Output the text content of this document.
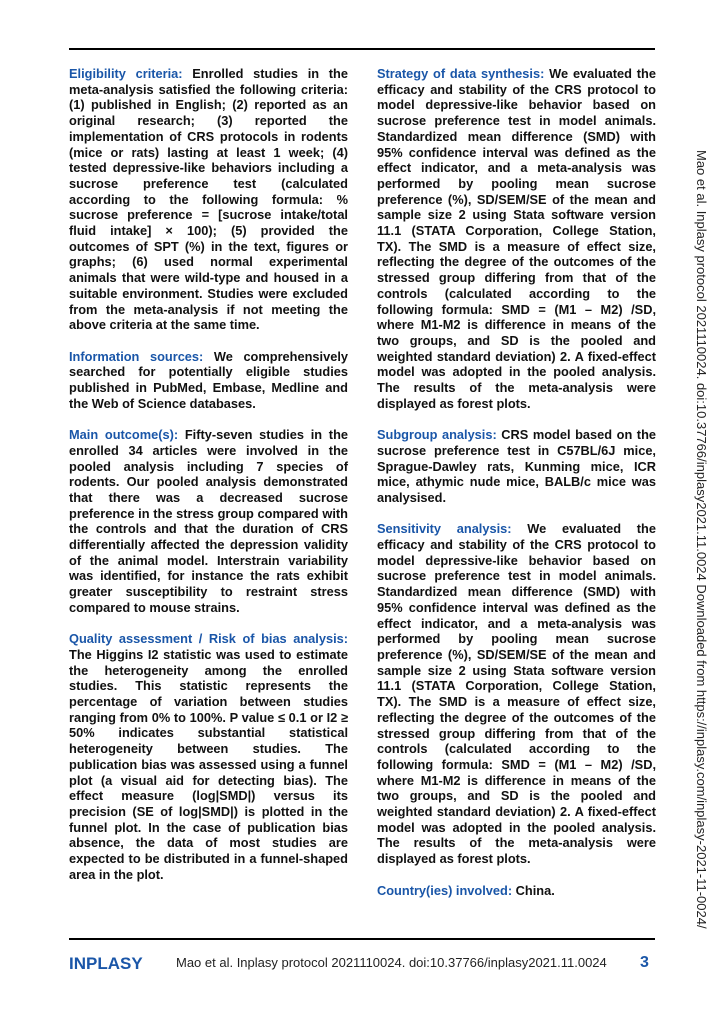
Eligibility criteria: Enrolled studies in the meta-analysis satisfied the following criteria: (1) published in English; (2) reported as an original research; (3) reported the implementation of CRS protocols in rodents (mice or rats) lasting at least 1 week; (4) tested depressive-like behaviors including a sucrose preference test (calculated according to the following formula: % sucrose preference = [sucrose intake/total fluid intake] × 100); (5) provided the outcomes of SPT (%) in the text, figures or graphs; (6) used normal experimental animals that were wild-type and housed in a suitable environment. Studies were excluded from the meta-analysis if not meeting the above criteria at the same time.

Information sources: We comprehensively searched for potentially eligible studies published in PubMed, Embase, Medline and the Web of Science databases.

Main outcome(s): Fifty-seven studies in the enrolled 34 articles were involved in the pooled analysis including 7 species of rodents. Our pooled analysis demonstrated that there was a decreased sucrose preference in the stress group compared with the controls and that the duration of CRS differentially affected the depression validity of the animal model. Interstrain variability was identified, for instance the rats exhibit greater susceptibility to restraint stress compared to mouse strains.

Quality assessment / Risk of bias analysis: The Higgins I2 statistic was used to estimate the heterogeneity among the enrolled studies. This statistic represents the percentage of variation between studies ranging from 0% to 100%. P value ≤ 0.1 or I2 ≥ 50% indicates substantial statistical heterogeneity between studies. The publication bias was assessed using a funnel plot (a visual aid for detecting bias). The effect measure (log|SMD|) versus its precision (SE of log|SMD|) is plotted in the funnel plot. In the case of publication bias absence, the data of most studies are expected to be distributed in a funnel-shaped area in the plot.

Strategy of data synthesis: We evaluated the efficacy and stability of the CRS protocol to model depressive-like behavior based on sucrose preference test in model animals. Standardized mean difference (SMD) with 95% confidence interval was defined as the effect indicator, and a meta-analysis was performed by pooling mean sucrose preference (%), SD/SEM/SE of the mean and sample size 2 using Stata software version 11.1 (STATA Corporation, College Station, TX). The SMD is a measure of effect size, reflecting the degree of the outcomes of the stressed group differing from that of the controls (calculated according to the following formula: SMD = (M1 – M2) /SD, where M1-M2 is difference in means of the two groups, and SD is the pooled and weighted standard deviation) 2. A fixed-effect model was adopted in the pooled analysis. The results of the meta-analysis were displayed as forest plots.

Subgroup analysis: CRS model based on the sucrose preference test in C57BL/6J mice, Sprague-Dawley rats, Kunming mice, ICR mice, athymic nude mice, BALB/c mice was analysised.

Sensitivity analysis: We evaluated the efficacy and stability of the CRS protocol to model depressive-like behavior based on sucrose preference test in model animals. Standardized mean difference (SMD) with 95% confidence interval was defined as the effect indicator, and a meta-analysis was performed by pooling mean sucrose preference (%), SD/SEM/SE of the mean and sample size 2 using Stata software version 11.1 (STATA Corporation, College Station, TX). The SMD is a measure of effect size, reflecting the degree of the outcomes of the stressed group differing from that of the controls (calculated according to the following formula: SMD = (M1 – M2) /SD, where M1-M2 is difference in means of the two groups, and SD is the pooled and weighted standard deviation) 2. A fixed-effect model was adopted in the pooled analysis. The results of the meta-analysis were displayed as forest plots.

Country(ies) involved: China.	Mao et al. Inplasy protocol 2021110024. doi:10.37766/inplasy2021.11.0024 Downloaded from https://inplasy.com/inplasy-2021-11-0024/
INPLASY	Mao et al. Inplasy protocol 2021110024. doi:10.37766/inplasy2021.11.0024 3
